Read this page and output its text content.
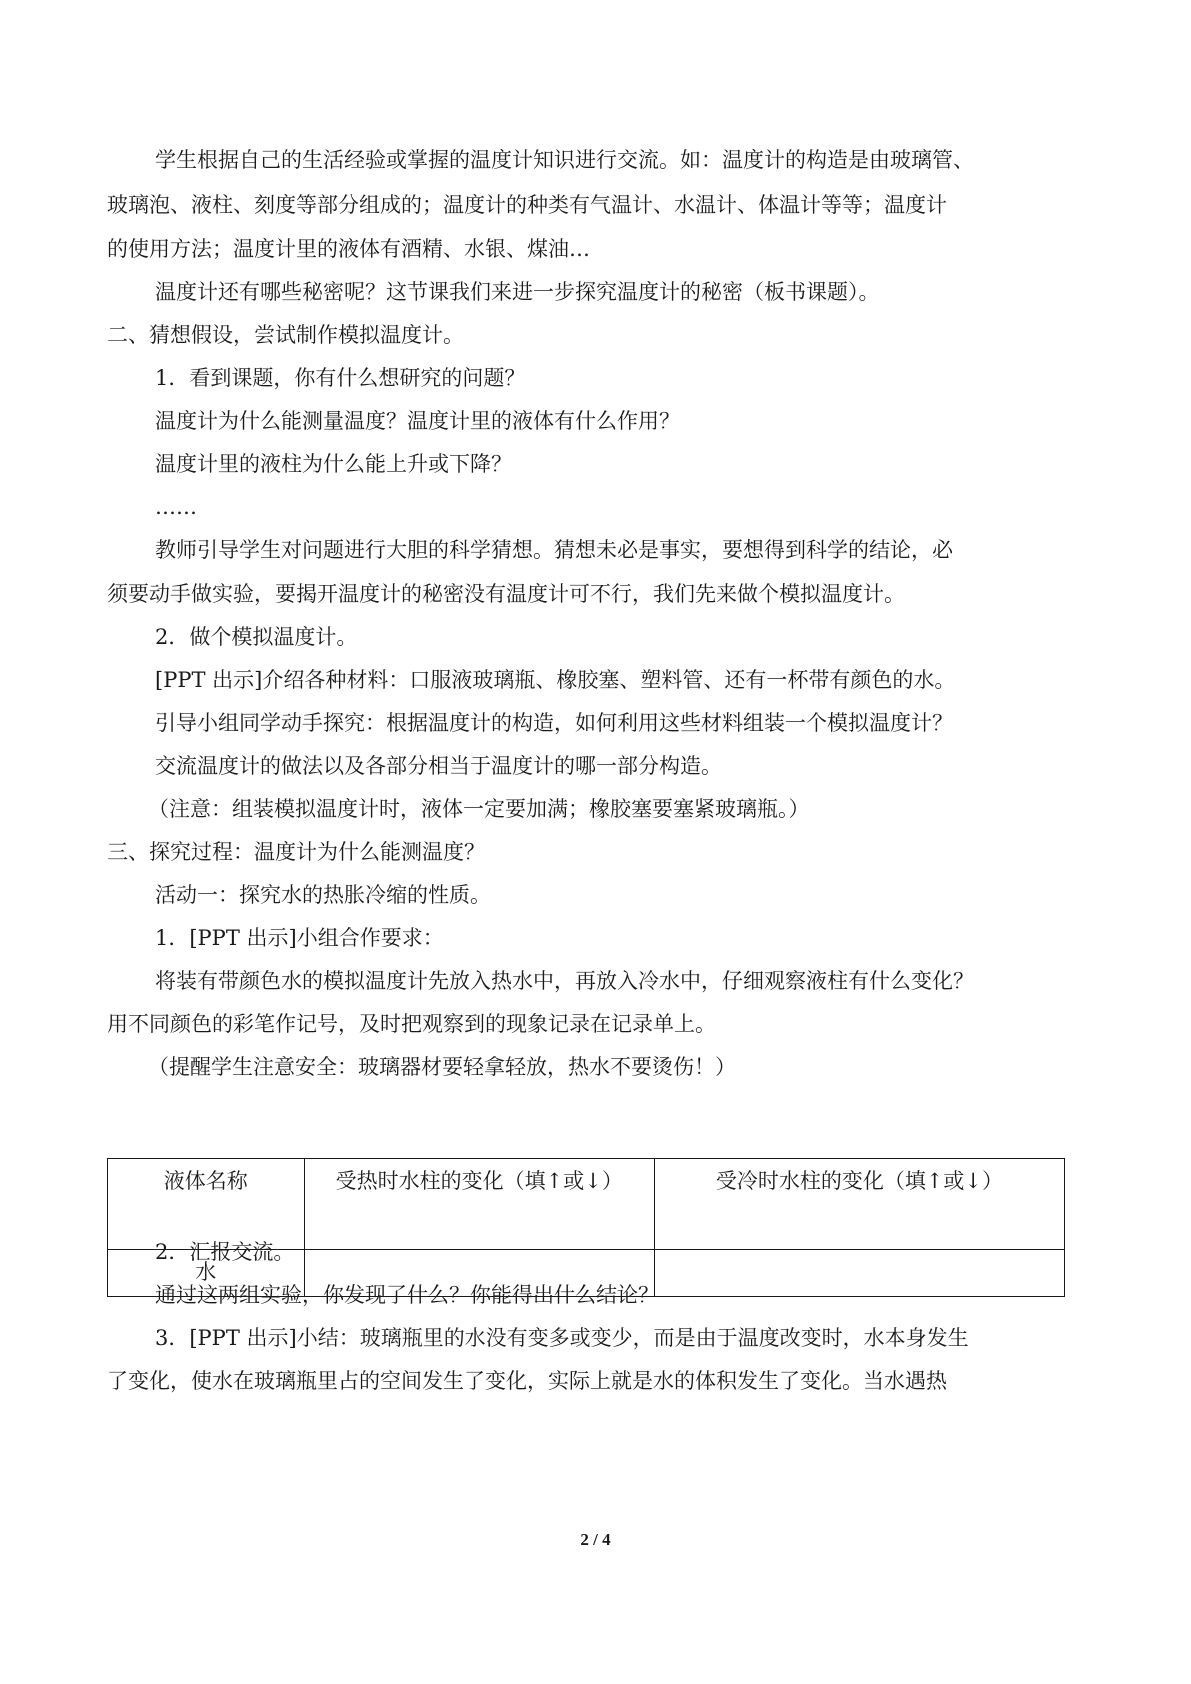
学生根据自己的生活经验或掌握的温度计知识进行交流。如：温度计的构造是由玻璃管、

玻璃泡、液柱、刻度等部分组成的；温度计的种类有气温计、水温计、体温计等等；温度计

的使用方法；温度计里的液体有酒精、水银、煤油…

温度计还有哪些秘密呢？这节课我们来进一步探究温度计的秘密（板书课题）。

二、猜想假设，尝试制作模拟温度计。

1．看到课题，你有什么想研究的问题？

温度计为什么能测量温度？温度计里的液体有什么作用？

温度计里的液柱为什么能上升或下降？

……

教师引导学生对问题进行大胆的科学猜想。猜想未必是事实，要想得到科学的结论，必

须要动手做实验，要揭开温度计的秘密没有温度计可不行，我们先来做个模拟温度计。

2．做个模拟温度计。

[PPT 出示]介绍各种材料：口服液玻璃瓶、橡胶塞、塑料管、还有一杯带有颜色的水。

引导小组同学动手探究：根据温度计的构造，如何利用这些材料组装一个模拟温度计？

交流温度计的做法以及各部分相当于温度计的哪一部分构造。

（注意：组装模拟温度计时，液体一定要加满；橡胶塞要塞紧玻璃瓶。）

三、探究过程：温度计为什么能测温度？

活动一：探究水的热胀冷缩的性质。

1．[PPT 出示]小组合作要求：

将装有带颜色水的模拟温度计先放入热水中，再放入冷水中，仔细观察液柱有什么变化？

用不同颜色的彩笔作记号，及时把观察到的现象记录在记录单上。

（提醒学生注意安全：玻璃器材要轻拿轻放，热水不要烫伤！）

液体名称	受热时水柱的变化（填↑或↓）	受冷时水柱的变化（填↑或↓）

水		

2．汇报交流。

通过这两组实验，你发现了什么？你能得出什么结论？

3．[PPT 出示]小结：玻璃瓶里的水没有变多或变少，而是由于温度改变时，水本身发生

了变化，使水在玻璃瓶里占的空间发生了变化，实际上就是水的体积发生了变化。当水遇热

2 / 4
